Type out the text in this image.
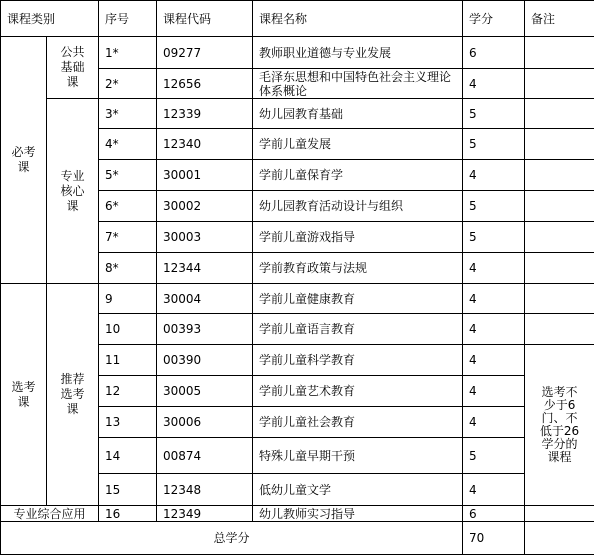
课程类别		序号	课程代码	课程名称	学分	备注
必考课	公共基础课	1*	09277	教师职业道德与专业发展	6	
		2*	12656	毛泽东思想和中国特色社会主义理论体系概论	4	
	专业核心课	3*	12339	幼儿园教育基础	5	
		4*	12340	学前儿童发展	5	
		5*	30001	学前儿童保育学	4	
		6*	30002	幼儿园教育活动设计与组织	5	
		7*	30003	学前儿童游戏指导	5	
		8*	12344	学前教育政策与法规	4	
选考课	推荐选考课	9	30004	学前儿童健康教育	4	
		10	00393	学前儿童语言教育	4	
		11	00390	学前儿童科学教育	4	选考不少于6门、不低于26学分的课程
		12	30005	学前儿童艺术教育	4	
		13	30006	学前儿童社会教育	4	
		14	00874	特殊儿童早期干预	5	
		15	12348	低幼儿童文学	4	
专业综合应用		16	12349	幼儿教师实习指导	6	
总学分					70	
